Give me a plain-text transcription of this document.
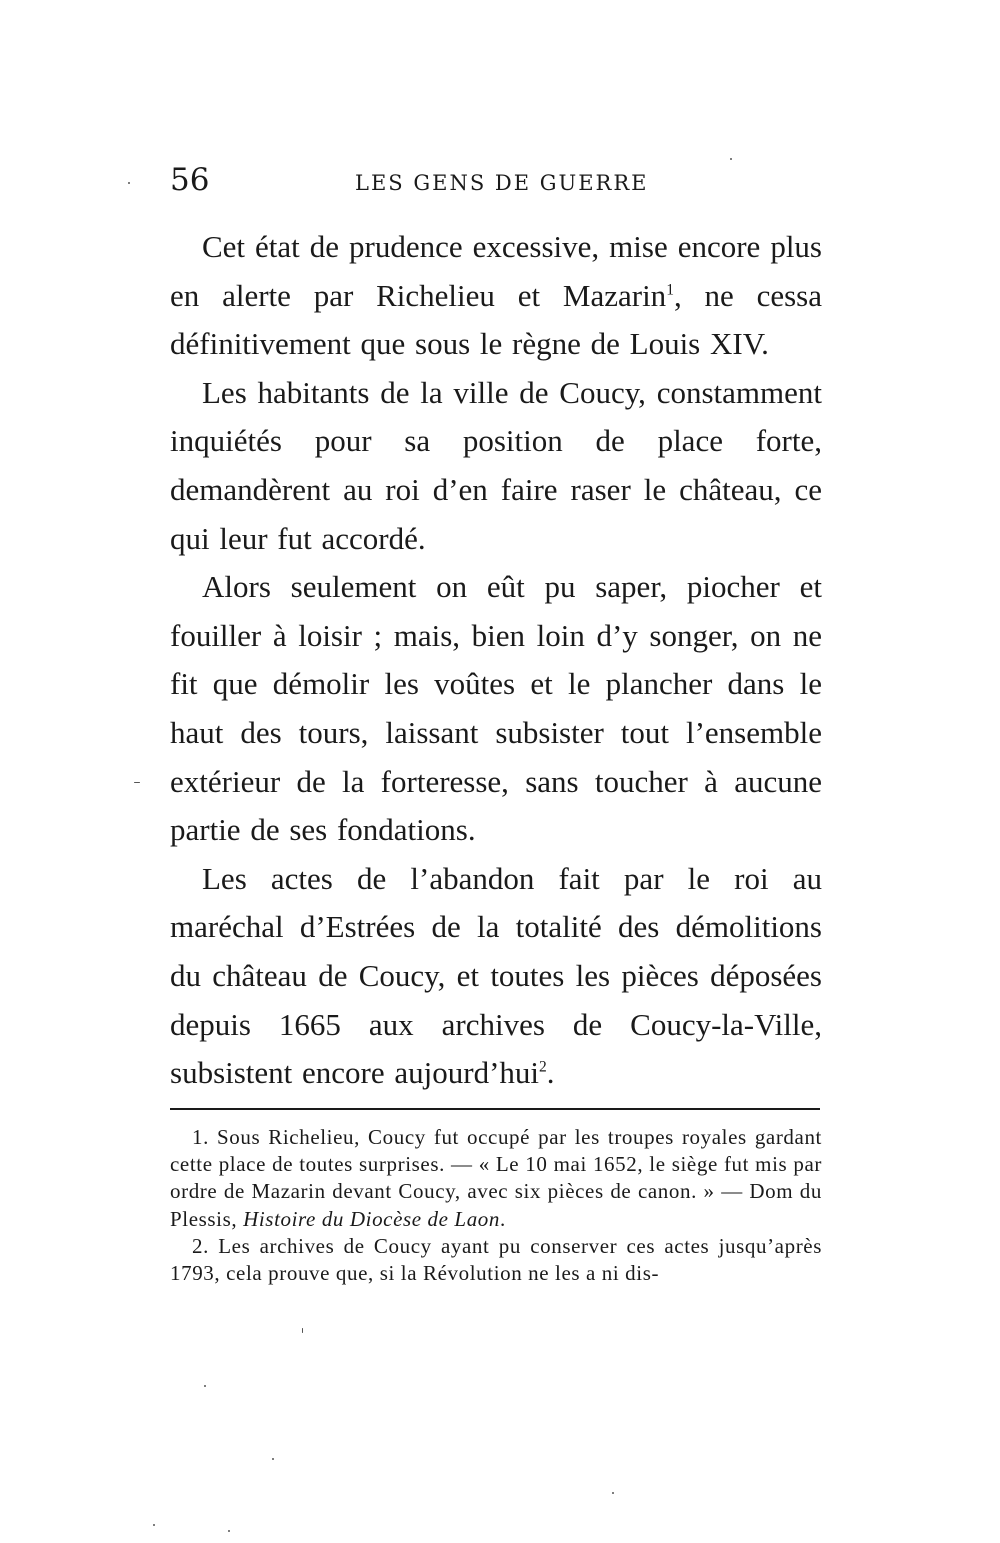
56	LES GENS DE GUERRE

Cet état de prudence excessive, mise encore plus en alerte par Richelieu et Mazarin$^1$, ne cessa définitivement que sous le règne de Louis XIV.

Les habitants de la ville de Coucy, constamment inquiétés pour sa position de place forte, demandèrent au roi d’en faire raser le château, ce qui leur fut accordé.

Alors seulement on eût pu saper, piocher et fouiller à loisir ; mais, bien loin d’y songer, on ne fit que démolir les voûtes et le plancher dans le haut des tours, laissant subsister tout l’ensemble extérieur de la forteresse, sans toucher à aucune partie de ses fondations.

Les actes de l’abandon fait par le roi au maréchal d’Estrées de la totalité des démolitions du château de Coucy, et toutes les pièces déposées depuis 1665 aux archives de Coucy-la-Ville, subsistent encore aujourd’hui$^2$.

1. Sous Richelieu, Coucy fut occupé par les troupes royales gardant cette place de toutes surprises. — « Le 10 mai 1652, le siège fut mis par ordre de Mazarin devant Coucy, avec six pièces de canon. » — Dom du Plessis, Histoire du Diocèse de Laon.

2. Les archives de Coucy ayant pu conserver ces actes jusqu’après 1793, cela prouve que, si la Révolution ne les a ni dis-
